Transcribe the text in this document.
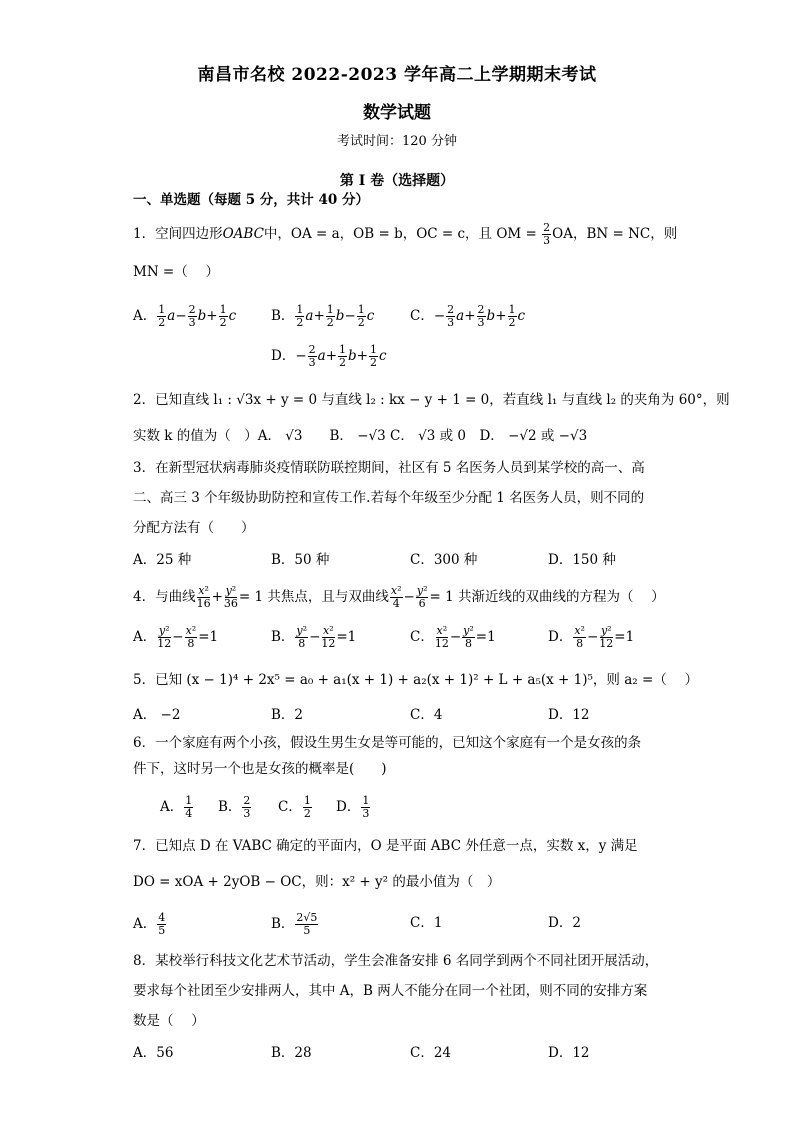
南昌市名校 2022-2023 学年高二上学期期末考试
数学试题
考试时间：120 分钟
第 I 卷（选择题）
一、单选题（每题 5 分，共计 40 分）
1．空间四边形OABC中，OA = a，OB = b，OC = c，且 OM = $\frac{2}{3}$ OA，BN = NC，则
MN =（　 ）
A． $\frac{1}{2} a- \frac{2}{3} b+ \frac{1}{2}$ c	B． $\frac{1}{2} a+ \frac{1}{2} b- \frac{1}{2}$ c	C．− $\frac{2}{3} a+ \frac{2}{3} b+ \frac{1}{2}$ c
D．− $\frac{2}{3} a+ \frac{1}{2} b+ \frac{1}{2}$ c
2．已知直线 l₁ : √3x + y = 0 与直线 l₂ : kx − y + 1 = 0，若直线 l₁ 与直线 l₂ 的夹角为 60°，则
实数 k 的值为（　）A． √3　　B． −√3 C． √3 或 0　D． −√2 或 −√3
3．在新型冠状病毒肺炎疫情联防联控期间，社区有 5 名医务人员到某学校的高一、高
二、高三 3 个年级协助防控和宣传工作.若每个年级至少分配 1 名医务人员，则不同的
分配方法有（　　）
A．25 种	B．50 种	C．300 种	D．150 种
4．与曲线 $\frac{\text{x²}}{16} + \frac{\text{y²}}{36} = 1$ 共焦点，且与双曲线 $\frac{\text{x²}}{4} - \frac{\text{y²}}{6} = 1$ 共渐近线的双曲线的方程为（　 ）
A． $\frac{\text{y²}}{12} - \frac{\text{x²}}{8} =1$	B． $\frac{\text{y²}}{8} - \frac{\text{x²}}{12} =1$	C． $\frac{\text{x²}}{12} - \frac{\text{y²}}{8} =1$	D． $\frac{\text{x²}}{8} - \frac{\text{y²}}{12} =1$
5．已知 (x − 1)⁴ + 2x⁵ = a₀ + a₁(x + 1) + a₂(x + 1)² + L + a₅(x + 1)⁵，则 a₂ =（　 ）
A． −2	B．2	C．4	D．12
6．一个家庭有两个小孩，假设生男生女是等可能的，已知这个家庭有一个是女孩的条
件下，这时另一个也是女孩的概率是(　　)
A． $\frac{1}{4}$ B． $\frac{2}{3}$ C． $\frac{1}{2}$ D． $\frac{1}{3}$
7．已知点 D 在 VABC 确定的平面内，O 是平面 ABC 外任意一点，实数 x，y 满足
DO = xOA + 2yOB − OC，则：x² + y² 的最小值为（　）
A． $\frac{4}{5}$	B． $\frac{2√5}{5}$	C．1	D．2
8．某校举行科技文化艺术节活动，学生会准备安排 6 名同学到两个不同社团开展活动，
要求每个社团至少安排两人，其中 A，B 两人不能分在同一个社团，则不同的安排方案
数是（　 ）
A．56	B．28	C．24	D．12
